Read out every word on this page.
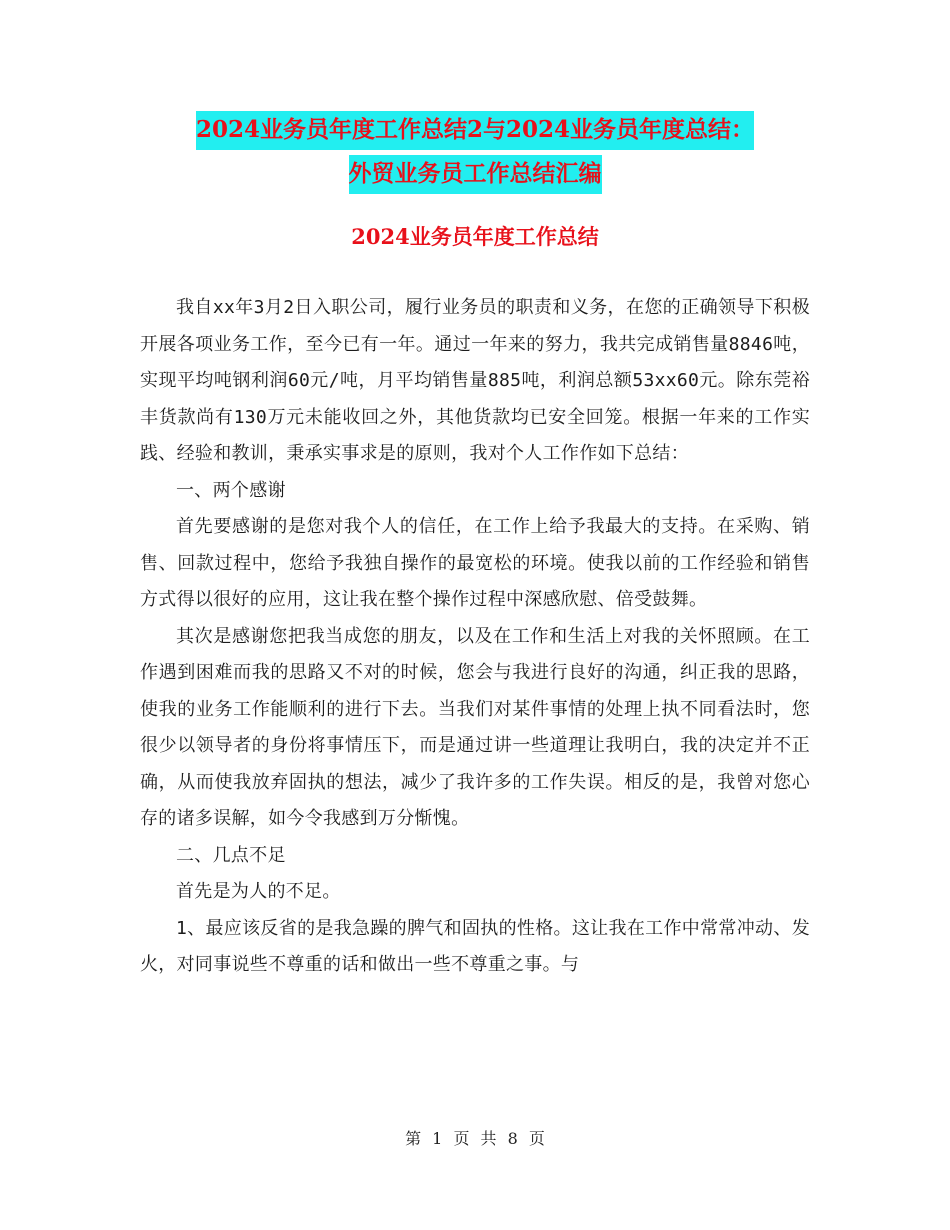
2024业务员年度工作总结2与2024业务员年度总结：
外贸业务员工作总结汇编
2024业务员年度工作总结

我自xx年3月2日入职公司，履行业务员的职责和义务，在您的正确领导下积极开展各项业务工作，至今已有一年。通过一年来的努力，我共完成销售量8846吨，实现平均吨钢利润60元/吨，月平均销售量885吨，利润总额53xx60元。除东莞裕丰货款尚有130万元未能收回之外，其他货款均已安全回笼。根据一年来的工作实践、经验和教训，秉承实事求是的原则，我对个人工作作如下总结：

一、两个感谢

首先要感谢的是您对我个人的信任，在工作上给予我最大的支持。在采购、销售、回款过程中，您给予我独自操作的最宽松的环境。使我以前的工作经验和销售方式得以很好的应用，这让我在整个操作过程中深感欣慰、倍受鼓舞。

其次是感谢您把我当成您的朋友，以及在工作和生活上对我的关怀照顾。在工作遇到困难而我的思路又不对的时候，您会与我进行良好的沟通，纠正我的思路，使我的业务工作能顺利的进行下去。当我们对某件事情的处理上执不同看法时，您很少以领导者的身份将事情压下，而是通过讲一些道理让我明白，我的决定并不正确，从而使我放弃固执的想法，减少了我许多的工作失误。相反的是，我曾对您心存的诸多误解，如今令我感到万分惭愧。

二、几点不足

首先是为人的不足。

1、最应该反省的是我急躁的脾气和固执的性格。这让我在工作中常常冲动、发火，对同事说些不尊重的话和做出一些不尊重之事。与

第 1 页 共 8 页
